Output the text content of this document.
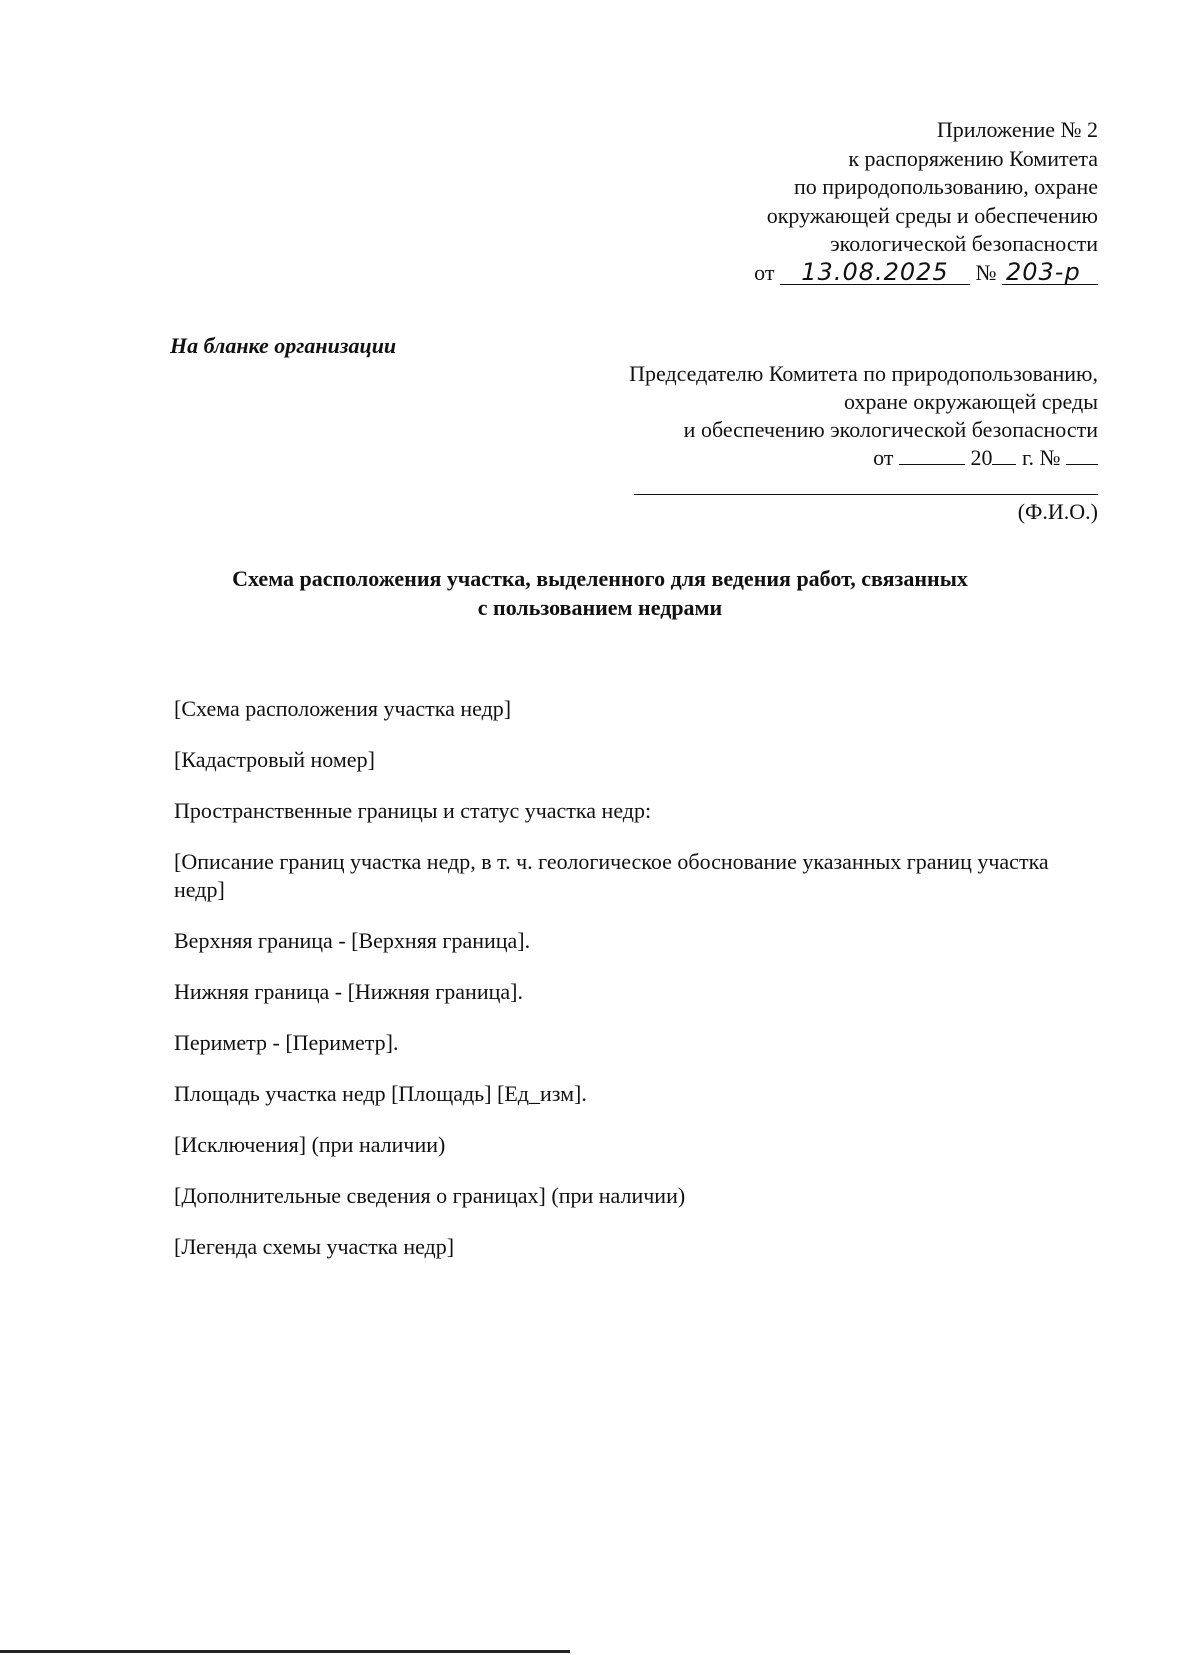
Приложение № 2
к распоряжению Комитета
по природопользованию, охране
окружающей среды и обеспечению
экологической безопасности
от 13.08.2025 № 203-р
На бланке организации
Председателю Комитета по природопользованию,
охране окружающей среды
и обеспечению экологической безопасности
от	20 г. №
(Ф.И.О.)
Схема расположения участка, выделенного для ведения работ, связанных
с пользованием недрами

[Схема расположения участка недр]

[Кадастровый номер]

Пространственные границы и статус участка недр:

[Описание границ участка недр, в т. ч. геологическое обоснование указанных границ участка недр]

Верхняя граница - [Верхняя граница].

Нижняя граница - [Нижняя граница].

Периметр - [Периметр].

Площадь участка недр [Площадь] [Ед_изм].

[Исключения] (при наличии)

[Дополнительные сведения о границах] (при наличии)

[Легенда схемы участка недр]
